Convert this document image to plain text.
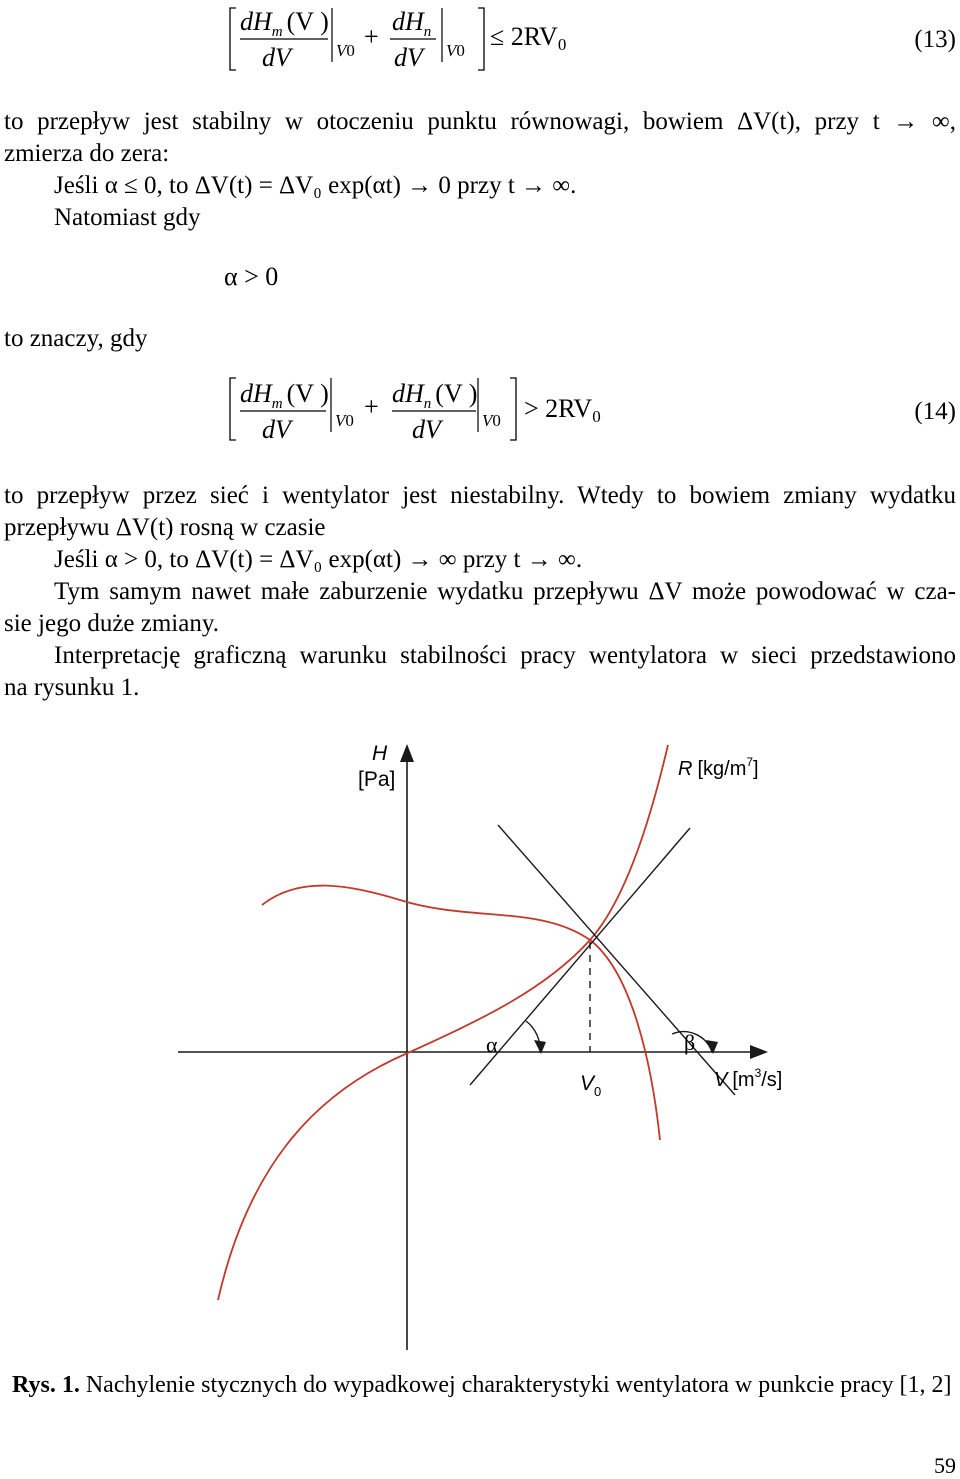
$dH_m$ (V )
dV	V0 +
$dH_n$
dV V0 ≤ 2RV0	(13)
to przepływ jest stabilny w otoczeniu punktu równowagi, bowiem ΔV(t), przy t → ∞,
zmierza do zera:
Jeśli α ≤ 0, to ΔV(t) = ΔV₀ exp(αt) → 0 przy t → ∞.
Natomiast gdy
α > 0
to znaczy, gdy
$dH_m$ (V )
dV	$V0 + dH_n$ (V )
dV V0 > 2RV0	(14)
to przepływ przez sieć i wentylator jest niestabilny. Wtedy to bowiem zmiany wydatku
przepływu ΔV(t) rosną w czasie
Jeśli α > 0, to ΔV(t) = ΔV₀ exp(αt) → ∞ przy t → ∞.
Tym samym nawet małe zaburzenie wydatku przepływu ΔV może powodować w cza-
sie jego duże zmiany.
Interpretację graficzną warunku stabilności pracy wentylatora w sieci przedstawiono
na rysunku 1.
H
[Pa]	R $[kg/m^7]$
α	β
$V_0$
V $[m^3/s]$
Rys. 1. Nachylenie stycznych do wypadkowej charakterystyki wentylatora w punkcie pracy [1, 2]
59
